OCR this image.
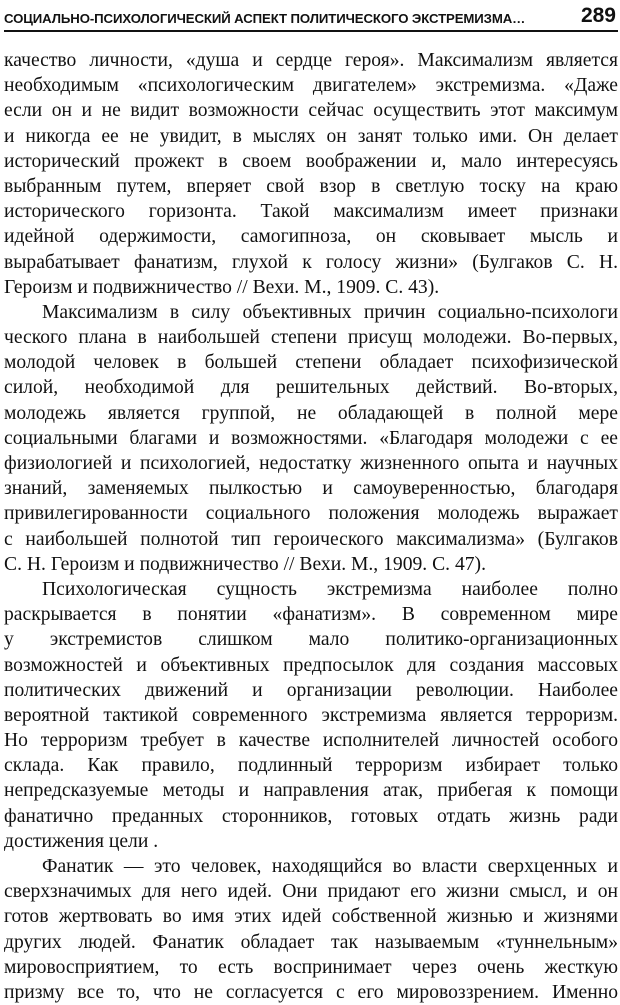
СОЦИАЛЬНО-ПСИХОЛОГИЧЕСКИЙ АСПЕКТ ПОЛИТИЧЕСКОГО ЭКСТРЕМИЗМА…	289
качество личности, «душа и сердце героя». Максимализм является
необходимым «психологическим двигателем» экстремизма. «Даже
если он и не видит возможности сейчас осуществить этот максимум
и никогда ее не увидит, в мыслях он занят только ими. Он делает
исторический прожект в своем воображении и, мало интересуясь
выбранным путем, вперяет свой взор в светлую тоску на краю
исторического горизонта. Такой максимализм имеет признаки
идейной одержимости, самогипноза, он сковывает мысль и
вырабатывает фанатизм, глухой к голосу жизни» (Булгаков С. Н.
Героизм и подвижничество // Вехи. М., 1909. С. 43).
Максимализм в силу объективных причин социально-психологи
ческого плана в наибольшей степени присущ молодежи. Во-первых,
молодой человек в большей степени обладает психофизической
силой, необходимой для решительных действий. Во-вторых,
молодежь является группой, не обладающей в полной мере
социальными благами и возможностями. «Благодаря молодежи с ее
физиологией и психологией, недостатку жизненного опыта и научных
знаний, заменяемых пылкостью и самоуверенностью, благодаря
привилегированности социального положения молодежь выражает
с наибольшей полнотой тип героического максимализма» (Булгаков
С. Н. Героизм и подвижничество // Вехи. М., 1909. С. 47).
Психологическая сущность экстремизма наиболее полно
раскрывается в понятии «фанатизм». В современном мире
у экстремистов слишком мало политико-организационных
возможностей и объективных предпосылок для создания массовых
политических движений и организации революции. Наиболее
вероятной тактикой современного экстремизма является терроризм.
Но терроризм требует в качестве исполнителей личностей особого
склада. Как правило, подлинный терроризм избирает только
непредсказуемые методы и направления атак, прибегая к помощи
фанатично преданных сторонников, готовых отдать жизнь ради
достижения цели .
Фанатик — это человек, находящийся во власти сверхценных и
сверхзначимых для него идей. Они придают его жизни смысл, и он
готов жертвовать во имя этих идей собственной жизнью и жизнями
других людей. Фанатик обладает так называемым «туннельным»
мировосприятием, то есть воспринимает через очень жесткую
призму все то, что не согласуется с его мировоззрением. Именно
